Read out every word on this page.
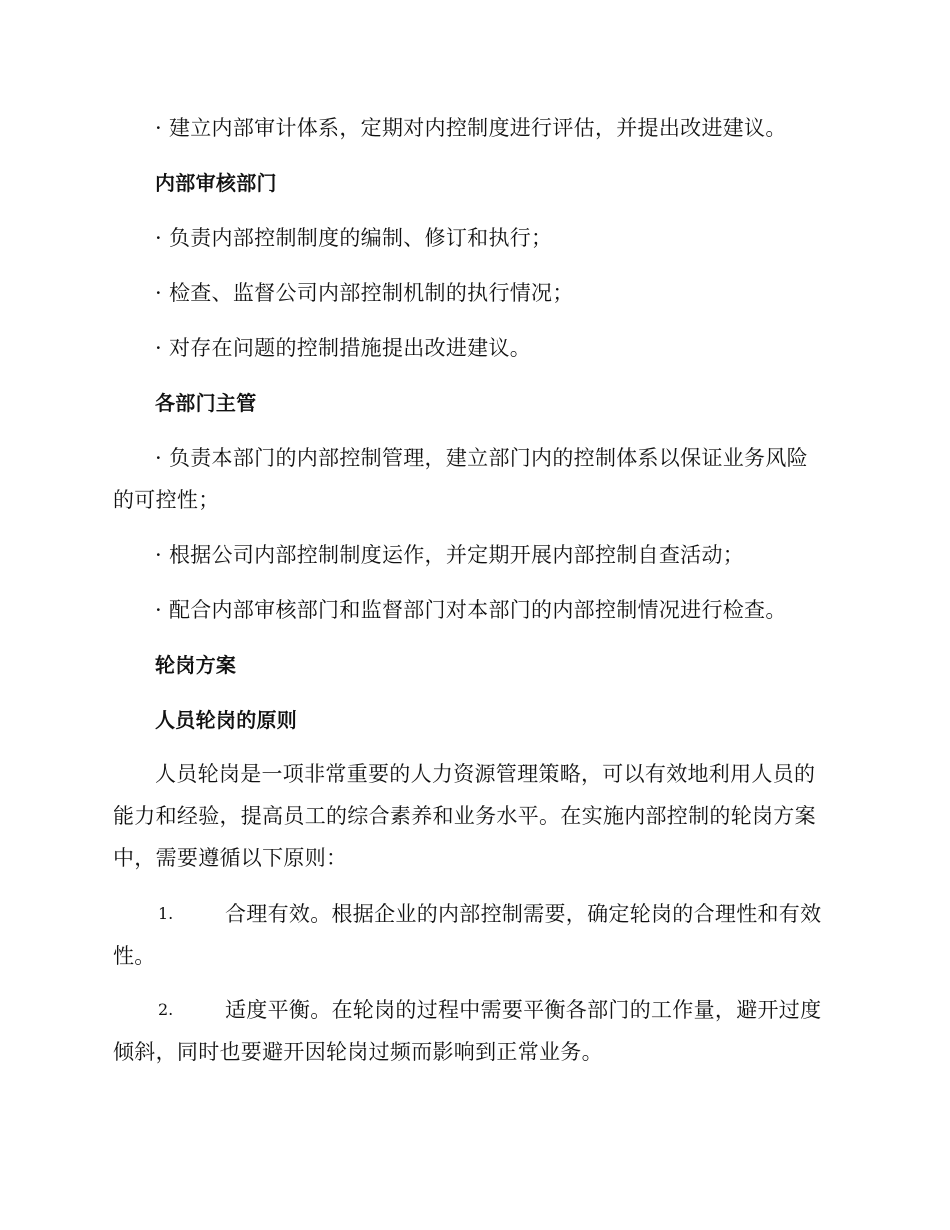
· 建立内部审计体系，定期对内控制度进行评估，并提出改进建议。
内部审核部门
· 负责内部控制制度的编制、修订和执行；
· 检查、监督公司内部控制机制的执行情况；
· 对存在问题的控制措施提出改进建议。
各部门主管
· 负责本部门的内部控制管理，建立部门内的控制体系以保证业务风险
的可控性；
· 根据公司内部控制制度运作，并定期开展内部控制自查活动；
· 配合内部审核部门和监督部门对本部门的内部控制情况进行检查。
轮岗方案
人员轮岗的原则
人员轮岗是一项非常重要的人力资源管理策略，可以有效地利用人员的
能力和经验，提高员工的综合素养和业务水平。在实施内部控制的轮岗方案
中，需要遵循以下原则：
1. 合理有效。根据企业的内部控制需要，确定轮岗的合理性和有效
性。
2. 适度平衡。在轮岗的过程中需要平衡各部门的工作量，避开过度
倾斜，同时也要避开因轮岗过频而影响到正常业务。
